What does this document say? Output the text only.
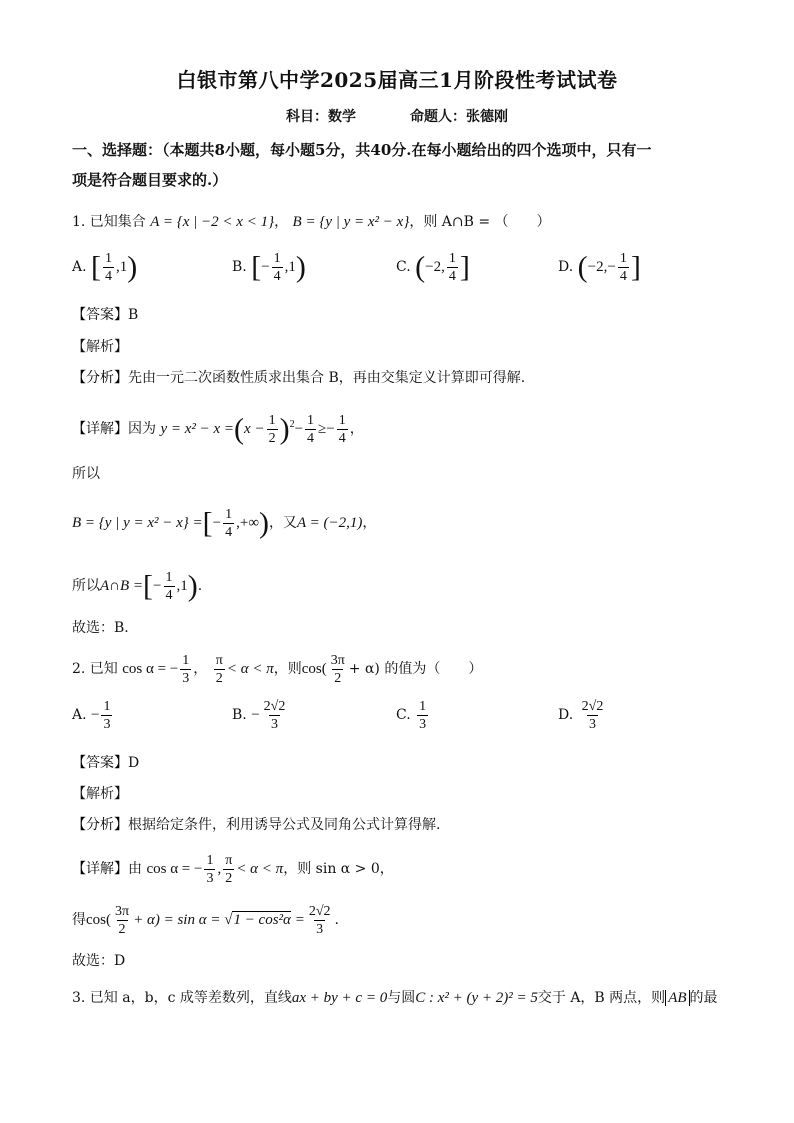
白银市第八中学2025届高三1月阶段性考试试卷
科目：数学	命题人：张德刚
一、选择题：（本题共8小题，每小题5分，共40分.在每小题给出的四个选项中，只有一
项是符合题目要求的.）
1. 已知集合 A = {x | −2 < x < 1}， B = {y | y = x² − x}，则 A∩B = （　　）
A. [ $\frac{1}{4} ,1$)	B. [− $\frac{1}{4} ,1$)	C. (−2, $\frac{1}{4}$ ]	D. ($-2,- \frac{1}{4}$ ]
【答案】B
【解析】
【分析】先由一元二次函数性质求出集合 B，再由交集定义计算即可得解.
【详解】因为 $y = x^2 - x =(x - \frac{1}{2} )^2- \frac{1}{4} \ge- \frac{1}{4}$ ，
所以
B = {y | y = x² − x} =[− $\frac{1}{4}$ ,+∞)，又A = (−2,1)，
所以A∩B =[− $\frac{1}{4} ,1$).
故选：B.
2. 已知 cos α = − $\frac{1}{3}$ ， $\frac{\pi}{2} < \alpha < \pi$，则$\cos( \frac{3\pi}{2} + \alpha)$ 的值为（　　）
A. − $\frac{1}{3}$	B. − $\frac{2√2}{3}$	C. $\frac{1}{3}$	D. $\frac{2√2}{3}$
【答案】D
【解析】
【分析】根据给定条件，利用诱导公式及同角公式计算得解.
【详解】由 cos α = − $\frac{1}{3}$ , $\frac{\pi}{2} < \alpha < \pi$，则 sin α > 0，
得$\cos( \frac{3\pi}{2} + \alpha) = \sin \alpha = √1 - \cos^2\alpha = \frac{2√2}{3}$ .
故选：D
3. 已知 a，b，c 成等差数列，直线ax + by + c = 0与圆C : x² + (y + 2)² = 5交于 A，B 两点，则 AB 的最
